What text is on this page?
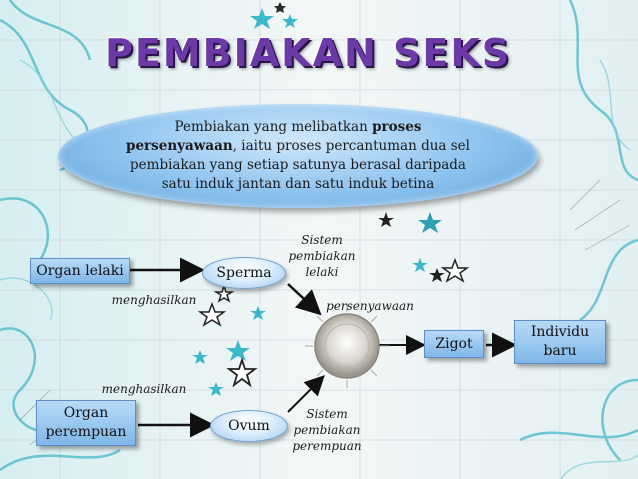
PEMBIAKAN SEKS
Pembiakan yang melibatkan proses persenyawaan, iaitu proses percantuman dua sel pembiakan yang setiap satunya berasal daripada satu induk jantan dan satu induk betina
Organ lelaki	Sperma
Organ perempuan	Ovum
Zigot
Individu baru
menghasilkan
menghasilkan
Sistem pembiakan lelaki
Sistem pembiakan perempuan
persenyawaan
